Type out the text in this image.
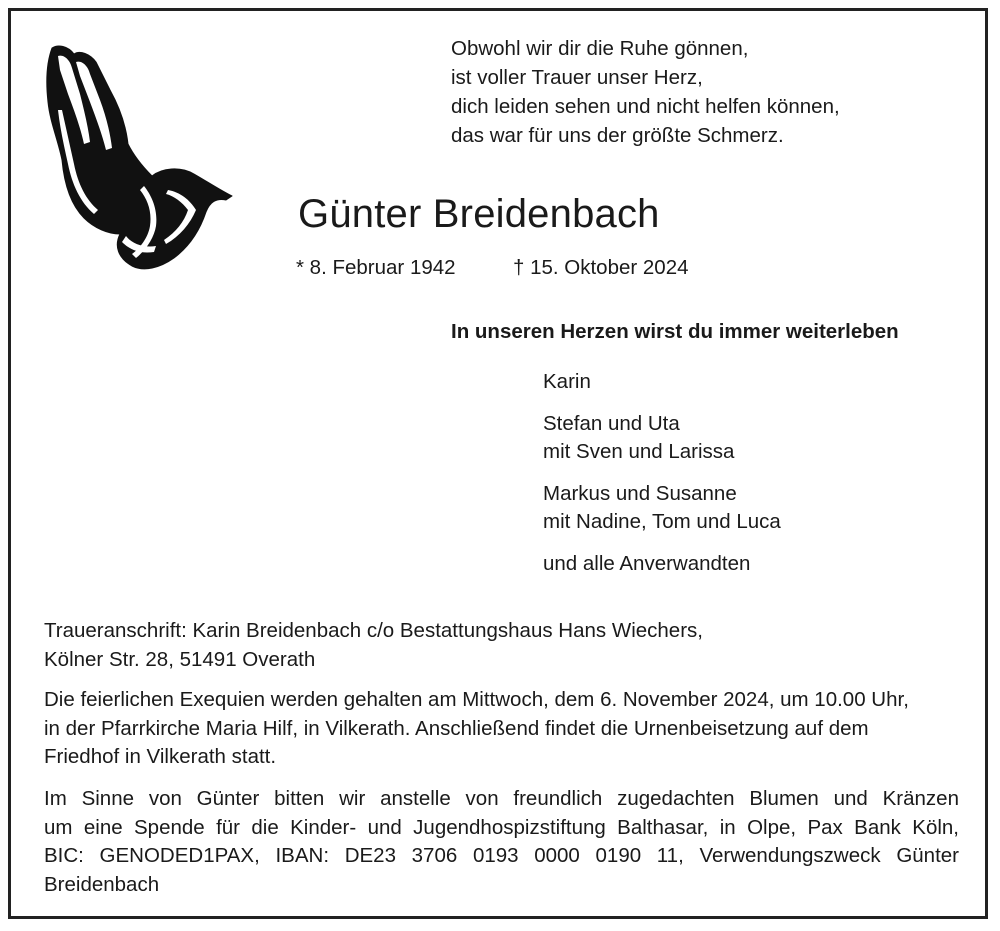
Obwohl wir dir die Ruhe gönnen,
ist voller Trauer unser Herz,
dich leiden sehen und nicht helfen können,
das war für uns der größte Schmerz.
Günter Breidenbach
* 8. Februar 1942	† 15. Oktober 2024
In unseren Herzen wirst du immer weiterleben
Karin
Stefan und Uta
mit Sven und Larissa
Markus und Susanne
mit Nadine, Tom und Luca
und alle Anverwandten
Traueranschrift: Karin Breidenbach c/o Bestattungshaus Hans Wiechers,
Kölner Str. 28, 51491 Overath
Die feierlichen Exequien werden gehalten am Mittwoch, dem 6. November 2024, um 10.00 Uhr,
in der Pfarrkirche Maria Hilf, in Vilkerath. Anschließend findet die Urnenbeisetzung auf dem
Friedhof in Vilkerath statt.
Im Sinne von Günter bitten wir anstelle von freundlich zugedachten Blumen und Kränzen
um eine Spende für die Kinder- und Jugendhospizstiftung Balthasar, in Olpe, Pax Bank Köln,
BIC: GENODED1PAX, IBAN: DE23 3706 0193 0000 0190 11, Verwendungszweck Günter
Breidenbach
